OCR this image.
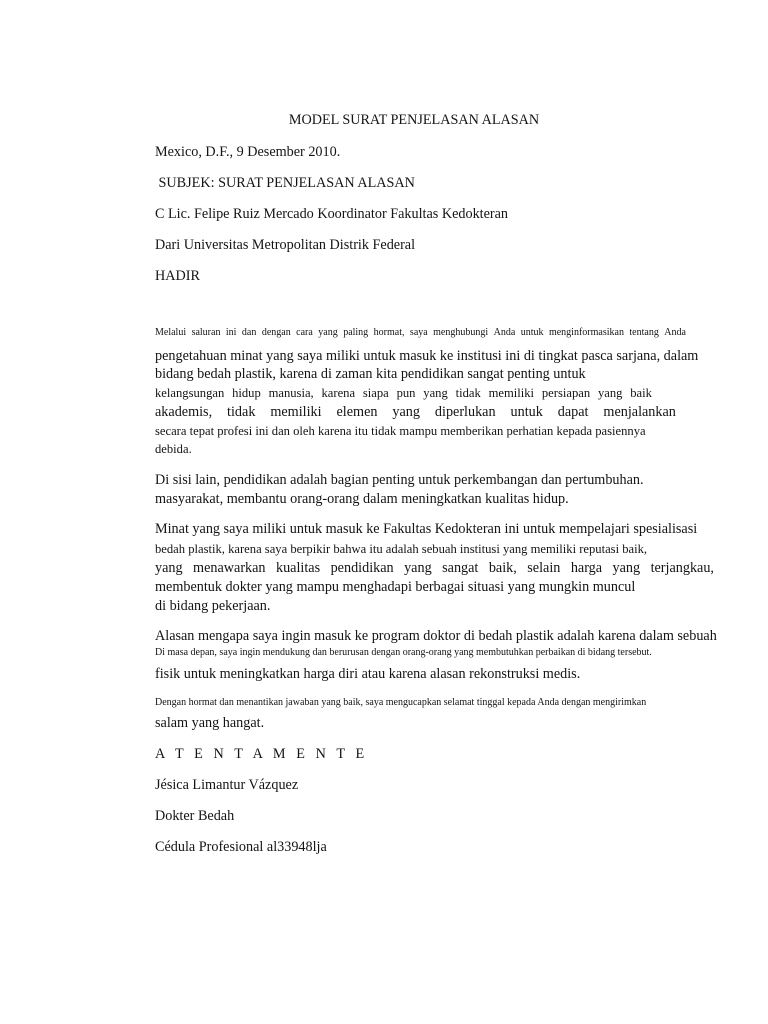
MODEL SURAT PENJELASAN ALASAN
Mexico, D.F., 9 Desember 2010.
SUBJEK: SURAT PENJELASAN ALASAN
C Lic. Felipe Ruiz Mercado Koordinator Fakultas Kedokteran
Dari Universitas Metropolitan Distrik Federal
HADIR
Melalui saluran ini dan dengan cara yang paling hormat, saya menghubungi Anda untuk menginformasikan tentang Anda
pengetahuan minat yang saya miliki untuk masuk ke institusi ini di tingkat pasca sarjana, dalam
bidang bedah plastik, karena di zaman kita pendidikan sangat penting untuk
kelangsungan hidup manusia, karena siapa pun yang tidak memiliki persiapan yang baik
akademis, tidak memiliki elemen yang diperlukan untuk dapat menjalankan
secara tepat profesi ini dan oleh karena itu tidak mampu memberikan perhatian kepada pasiennya
debida.
Di sisi lain, pendidikan adalah bagian penting untuk perkembangan dan pertumbuhan.
masyarakat, membantu orang-orang dalam meningkatkan kualitas hidup.
Minat yang saya miliki untuk masuk ke Fakultas Kedokteran ini untuk mempelajari spesialisasi
bedah plastik, karena saya berpikir bahwa itu adalah sebuah institusi yang memiliki reputasi baik,
yang menawarkan kualitas pendidikan yang sangat baik, selain harga yang terjangkau,
membentuk dokter yang mampu menghadapi berbagai situasi yang mungkin muncul
di bidang pekerjaan.
Alasan mengapa saya ingin masuk ke program doktor di bedah plastik adalah karena dalam sebuah
Di masa depan, saya ingin mendukung dan berurusan dengan orang-orang yang membutuhkan perbaikan di bidang tersebut.
fisik untuk meningkatkan harga diri atau karena alasan rekonstruksi medis.
Dengan hormat dan menantikan jawaban yang baik, saya mengucapkan selamat tinggal kepada Anda dengan mengirimkan
salam yang hangat.
A T E N T A M E N T E
Jésica Limantur Vázquez
Dokter Bedah
Cédula Profesional al33948lja
